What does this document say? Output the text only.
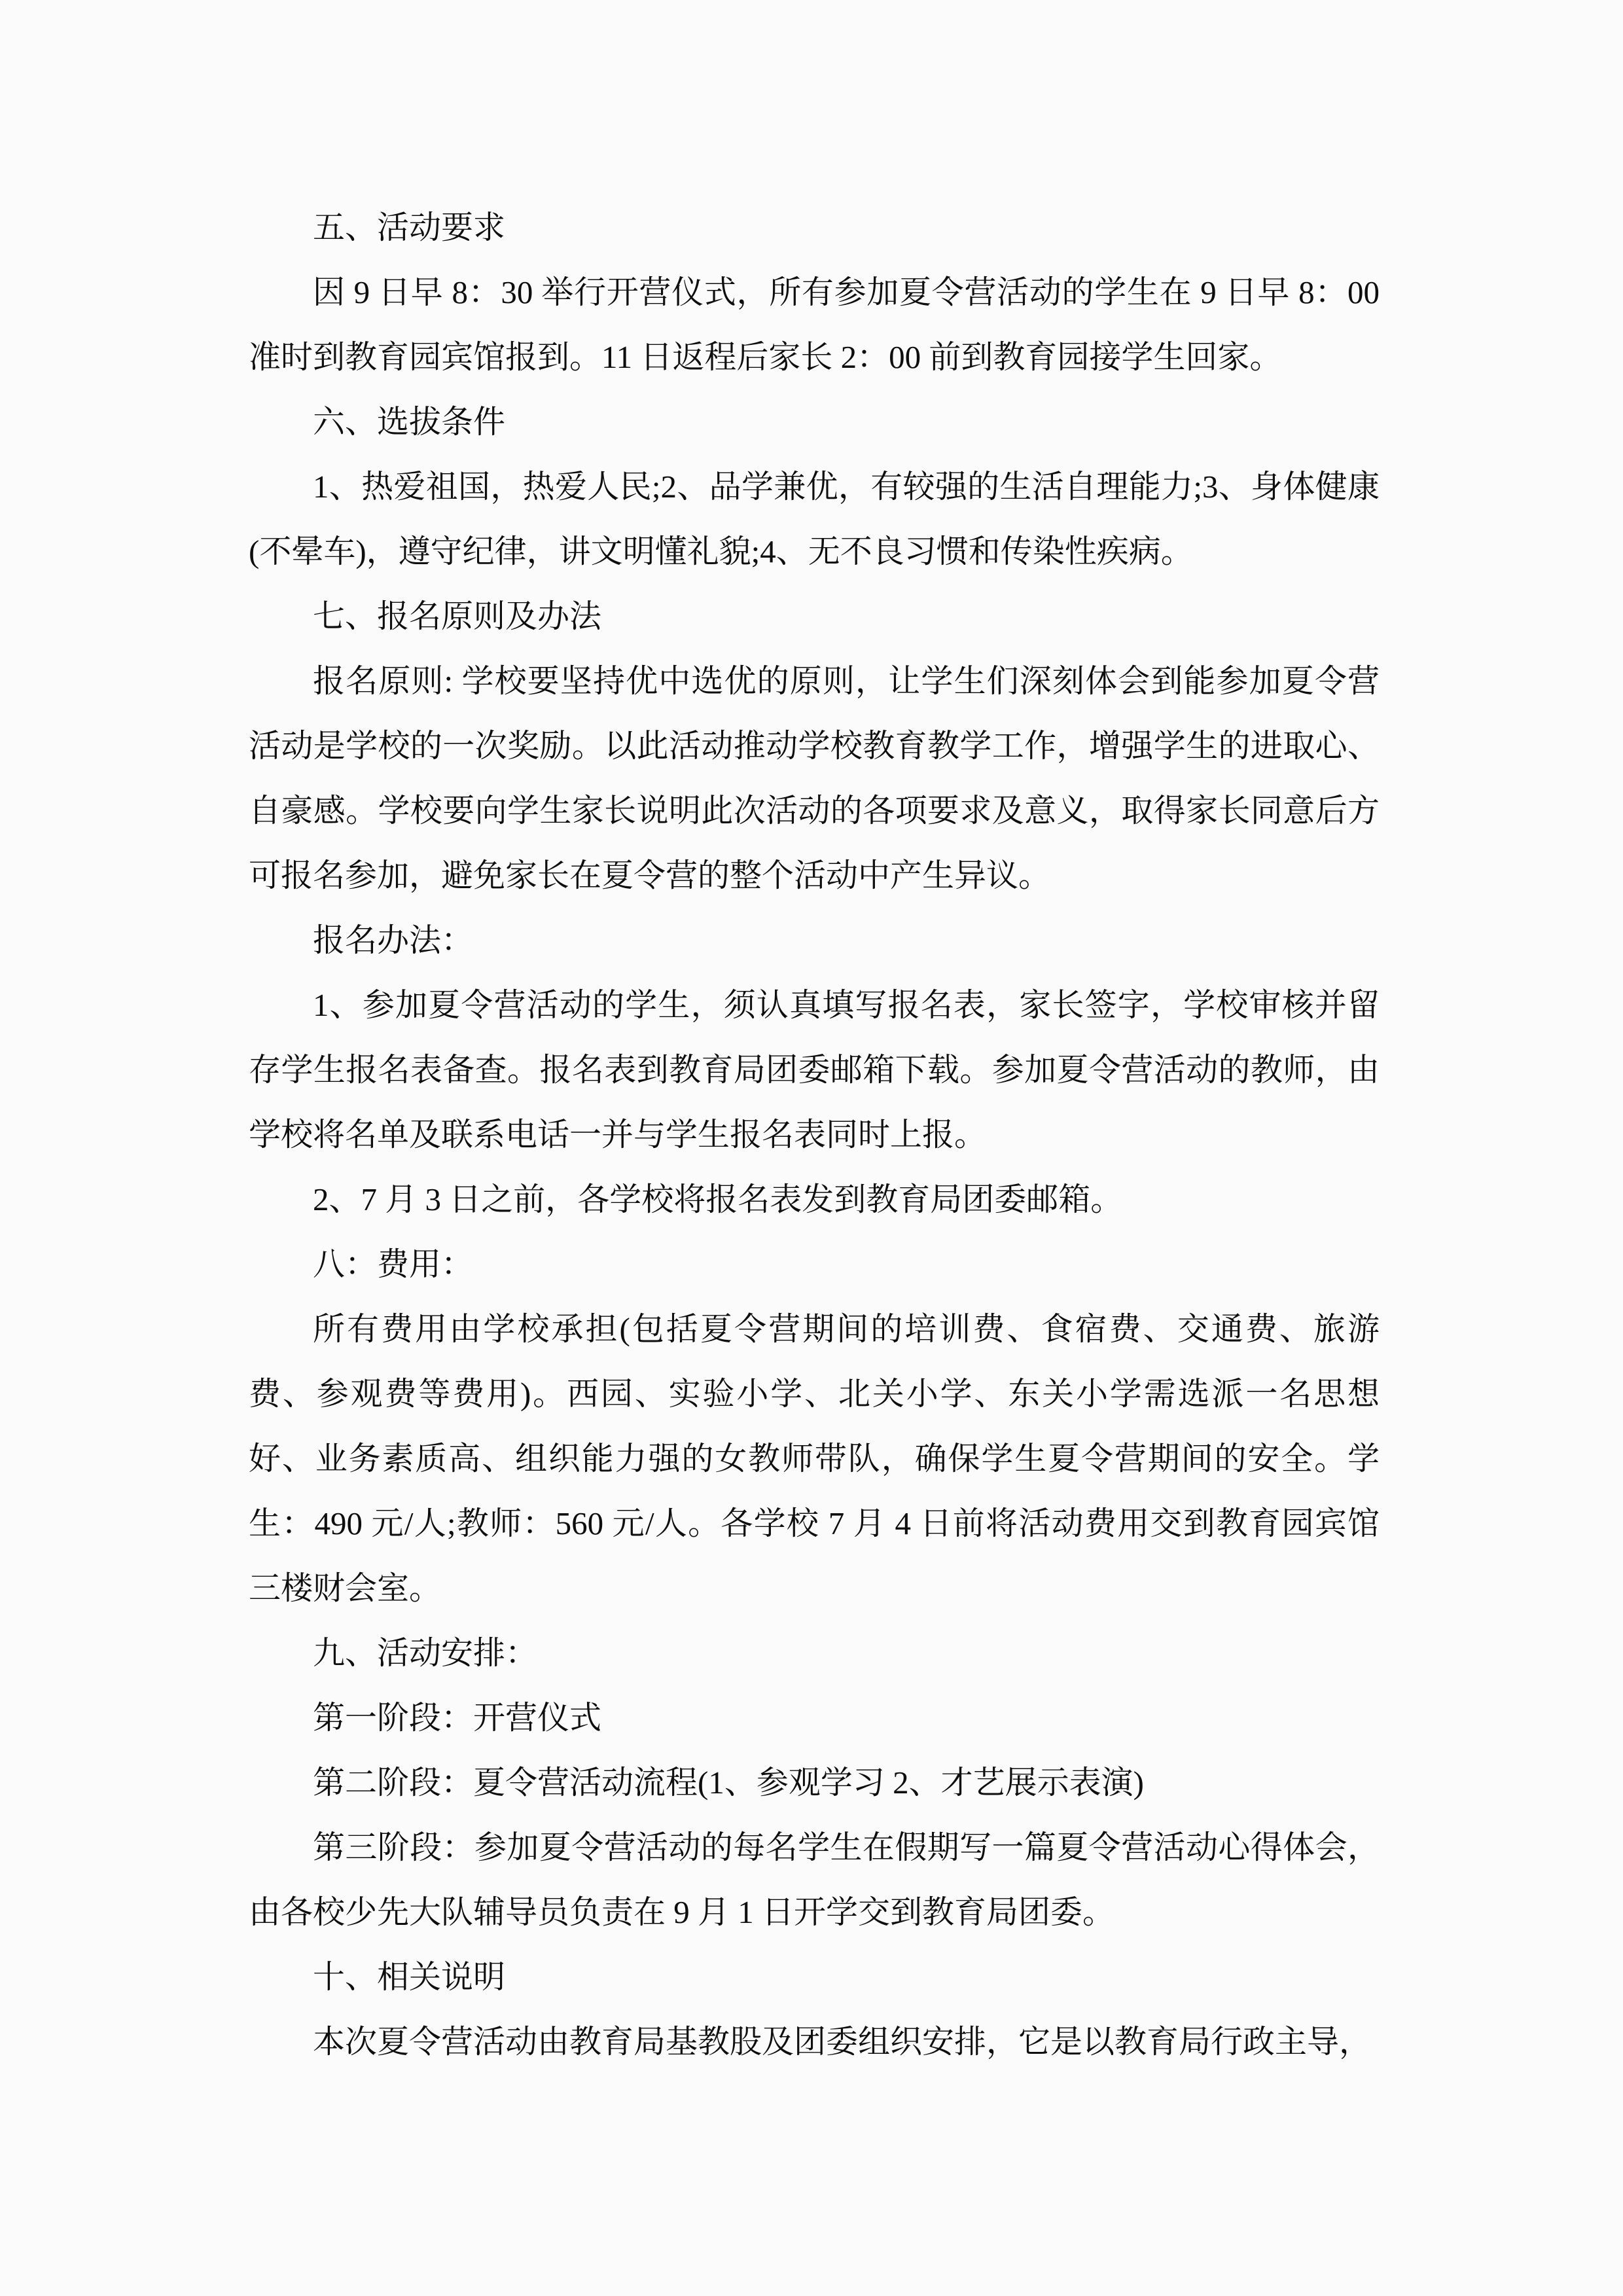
五、活动要求

因 9 日早 8：30 举行开营仪式，所有参加夏令营活动的学生在 9 日早 8：00 准时到教育园宾馆报到。11 日返程后家长 2：00 前到教育园接学生回家。

六、选拔条件

1、热爱祖国，热爱人民;2、品学兼优，有较强的生活自理能力;3、身体健康(不晕车)，遵守纪律，讲文明懂礼貌;4、无不良习惯和传染性疾病。

七、报名原则及办法

报名原则: 学校要坚持优中选优的原则，让学生们深刻体会到能参加夏令营活动是学校的一次奖励。以此活动推动学校教育教学工作，增强学生的进取心、自豪感。学校要向学生家长说明此次活动的各项要求及意义，取得家长同意后方可报名参加，避免家长在夏令营的整个活动中产生异议。

报名办法：

1、参加夏令营活动的学生，须认真填写报名表，家长签字，学校审核并留存学生报名表备查。报名表到教育局团委邮箱下载。参加夏令营活动的教师，由学校将名单及联系电话一并与学生报名表同时上报。

2、7 月 3 日之前，各学校将报名表发到教育局团委邮箱。

八：费用：

所有费用由学校承担(包括夏令营期间的培训费、食宿费、交通费、旅游费、参观费等费用)。西园、实验小学、北关小学、东关小学需选派一名思想好、业务素质高、组织能力强的女教师带队，确保学生夏令营期间的安全。学生：490 元/人;教师：560 元/人。各学校 7 月 4 日前将活动费用交到教育园宾馆三楼财会室。

九、活动安排：

第一阶段：开营仪式

第二阶段：夏令营活动流程(1、参观学习 2、才艺展示表演)

第三阶段：参加夏令营活动的每名学生在假期写一篇夏令营活动心得体会，由各校少先大队辅导员负责在 9 月 1 日开学交到教育局团委。

十、相关说明

本次夏令营活动由教育局基教股及团委组织安排，它是以教育局行政主导，
